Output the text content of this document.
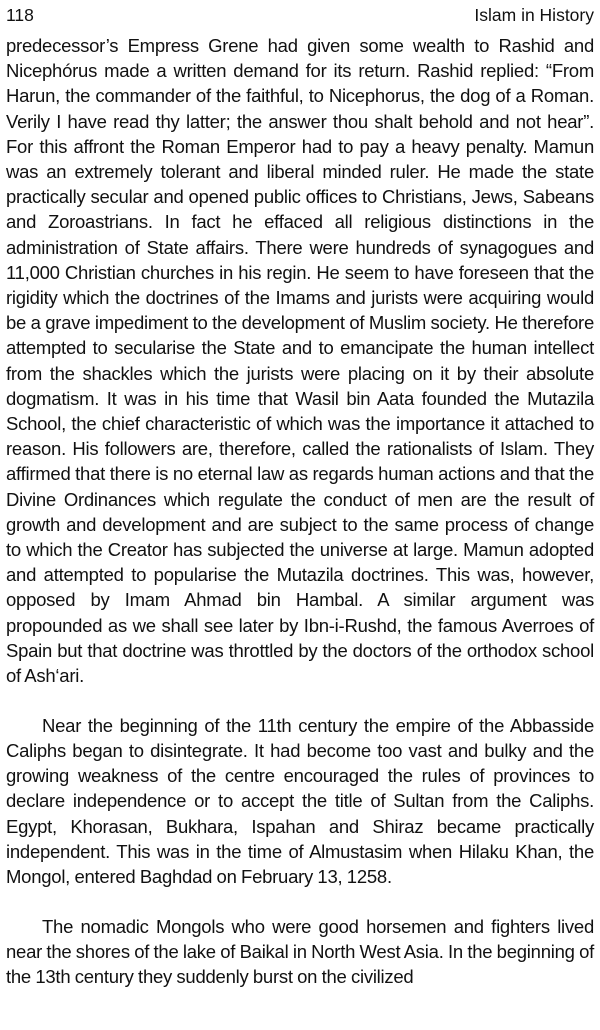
118	Islam in History

predecessor’s Empress Grene had given some wealth to Rashid and Nicephórus made a written demand for its return. Rashid replied: “From Harun, the commander of the faithful, to Nicephorus, the dog of a Roman. Verily I have read thy latter; the answer thou shalt behold and not hear”. For this affront the Roman Emperor had to pay a heavy penalty. Mamun was an extremely tolerant and liberal minded ruler. He made the state practically secular and opened public offices to Christians, Jews, Sabeans and Zoroastrians. In fact he effaced all religious distinctions in the administration of State affairs. There were hundreds of synagogues and 11,000 Christian churches in his regin. He seem to have foreseen that the rigidity which the doctrines of the Imams and jurists were acquiring would be a grave impediment to the development of Muslim society. He therefore attempted to secularise the State and to emancipate the human intellect from the shackles which the jurists were placing on it by their absolute dogmatism. It was in his time that Wasil bin Aata founded the Mutazila School, the chief characteristic of which was the importance it attached to reason. His followers are, therefore, called the rationalists of Islam. They affirmed that there is no eternal law as regards human actions and that the Divine Ordinances which regulate the conduct of men are the result of growth and development and are subject to the same process of change to which the Creator has subjected the universe at large. Mamun adopted and attempted to popularise the Mutazila doctrines. This was, however, opposed by Imam Ahmad bin Hambal. A similar argument was propounded as we shall see later by Ibn-i-Rushd, the famous Averroes of Spain but that doctrine was throttled by the doctors of the orthodox school of Ash‘ari.

Near the beginning of the 11th century the empire of the Abbasside Caliphs began to disintegrate. It had become too vast and bulky and the growing weakness of the centre encouraged the rules of provinces to declare independence or to accept the title of Sultan from the Caliphs. Egypt, Khorasan, Bukhara, Ispahan and Shiraz became practically independent. This was in the time of Almustasim when Hilaku Khan, the Mongol, entered Baghdad on February 13, 1258.

The nomadic Mongols who were good horsemen and fighters lived near the shores of the lake of Baikal in North West Asia. In the beginning of the 13th century they suddenly burst on the civilized
